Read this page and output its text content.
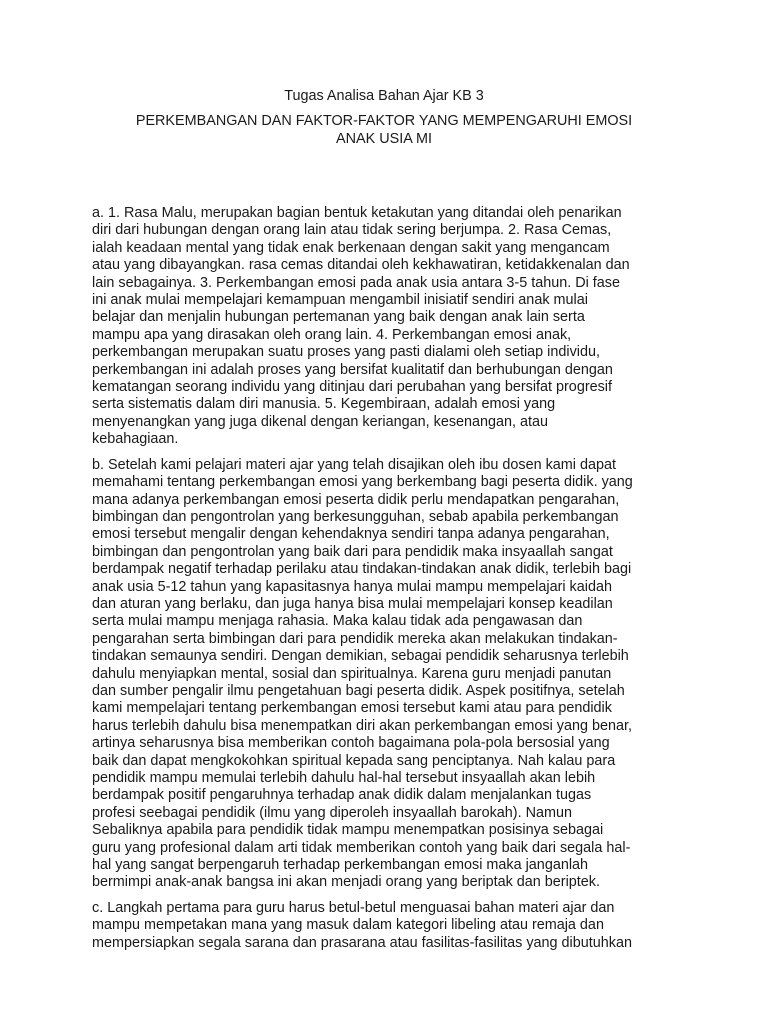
Tugas Analisa Bahan Ajar KB 3
PERKEMBANGAN DAN FAKTOR-FAKTOR YANG MEMPENGARUHI EMOSI
ANAK USIA MI

a. 1. Rasa Malu, merupakan bagian bentuk ketakutan yang ditandai oleh penarikan
diri dari hubungan dengan orang lain atau tidak sering berjumpa. 2. Rasa Cemas,
ialah keadaan mental yang tidak enak berkenaan dengan sakit yang mengancam
atau yang dibayangkan. rasa cemas ditandai oleh kekhawatiran, ketidakkenalan dan
lain sebagainya. 3. Perkembangan emosi pada anak usia antara 3-5 tahun. Di fase
ini anak mulai mempelajari kemampuan mengambil inisiatif sendiri anak mulai
belajar dan menjalin hubungan pertemanan yang baik dengan anak lain serta
mampu apa yang dirasakan oleh orang lain. 4. Perkembangan emosi anak,
perkembangan merupakan suatu proses yang pasti dialami oleh setiap individu,
perkembangan ini adalah proses yang bersifat kualitatif dan berhubungan dengan
kematangan seorang individu yang ditinjau dari perubahan yang bersifat progresif
serta sistematis dalam diri manusia. 5. Kegembiraan, adalah emosi yang
menyenangkan yang juga dikenal dengan keriangan, kesenangan, atau
kebahagiaan.

b. Setelah kami pelajari materi ajar yang telah disajikan oleh ibu dosen kami dapat
memahami tentang perkembangan emosi yang berkembang bagi peserta didik. yang
mana adanya perkembangan emosi peserta didik perlu mendapatkan pengarahan,
bimbingan dan pengontrolan yang berkesungguhan, sebab apabila perkembangan
emosi tersebut mengalir dengan kehendaknya sendiri tanpa adanya pengarahan,
bimbingan dan pengontrolan yang baik dari para pendidik maka insyaallah sangat
berdampak negatif terhadap perilaku atau tindakan-tindakan anak didik, terlebih bagi
anak usia 5-12 tahun yang kapasitasnya hanya mulai mampu mempelajari kaidah
dan aturan yang berlaku, dan juga hanya bisa mulai mempelajari konsep keadilan
serta mulai mampu menjaga rahasia. Maka kalau tidak ada pengawasan dan
pengarahan serta bimbingan dari para pendidik mereka akan melakukan tindakan-
tindakan semaunya sendiri. Dengan demikian, sebagai pendidik seharusnya terlebih
dahulu menyiapkan mental, sosial dan spiritualnya. Karena guru menjadi panutan
dan sumber pengalir ilmu pengetahuan bagi peserta didik. Aspek positifnya, setelah
kami mempelajari tentang perkembangan emosi tersebut kami atau para pendidik
harus terlebih dahulu bisa menempatkan diri akan perkembangan emosi yang benar,
artinya seharusnya bisa memberikan contoh bagaimana pola-pola bersosial yang
baik dan dapat mengkokohkan spiritual kepada sang penciptanya. Nah kalau para
pendidik mampu memulai terlebih dahulu hal-hal tersebut insyaallah akan lebih
berdampak positif pengaruhnya terhadap anak didik dalam menjalankan tugas
profesi seebagai pendidik (ilmu yang diperoleh insyaallah barokah). Namun
Sebaliknya apabila para pendidik tidak mampu menempatkan posisinya sebagai
guru yang profesional dalam arti tidak memberikan contoh yang baik dari segala hal-
hal yang sangat berpengaruh terhadap perkembangan emosi maka janganlah
bermimpi anak-anak bangsa ini akan menjadi orang yang beriptak dan beriptek.

c. Langkah pertama para guru harus betul-betul menguasai bahan materi ajar dan
mampu mempetakan mana yang masuk dalam kategori libeling atau remaja dan
mempersiapkan segala sarana dan prasarana atau fasilitas-fasilitas yang dibutuhkan
